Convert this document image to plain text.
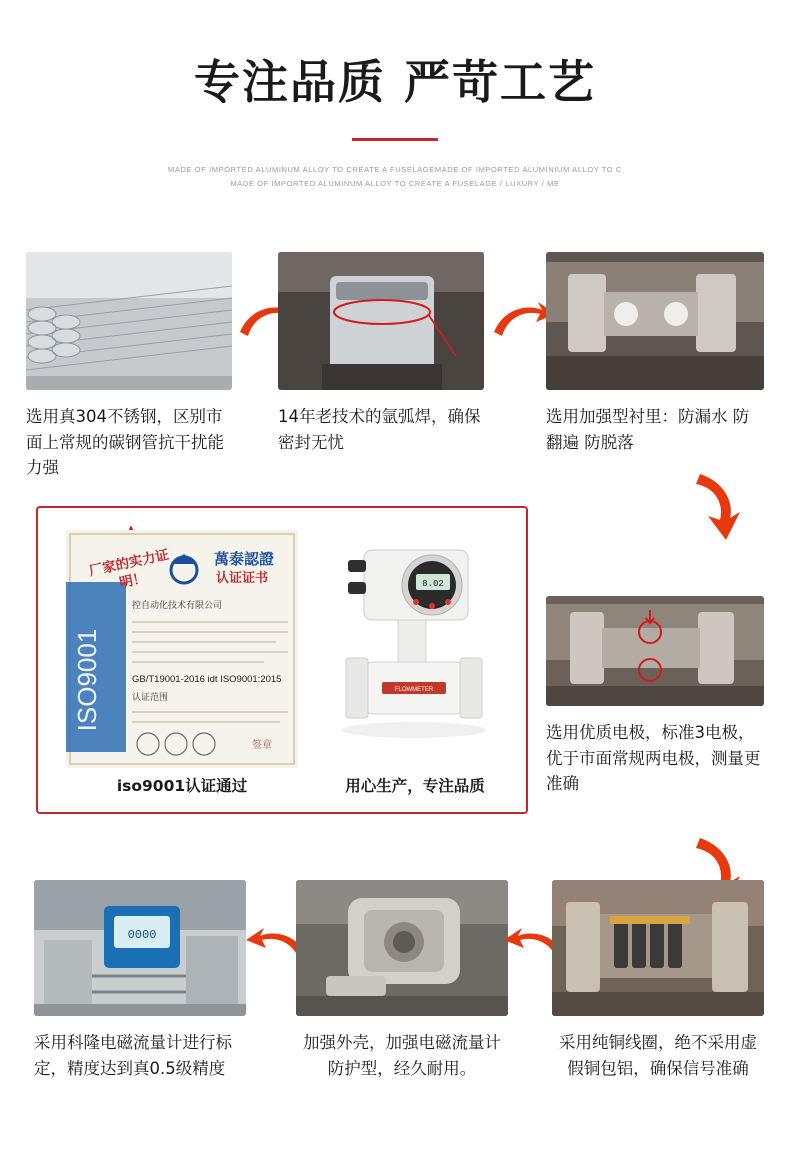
专注品质 严苛工艺
MADE OF IMPORTED ALUMINUM ALLOY TO CREATE A FUSELAGEMADE OF IMPORTED ALUMINIUM ALLOY TO C
MADE OF IMPORTED ALUMINUM ALLOY TO CREATE A FUSELAGE / LUXURY / ME
选用真304不锈钢，区别市面上常规的碳钢管抗干扰能力强
14年老技术的氩弧焊，确保密封无忧
选用加强型衬里：防漏水 防翻遍 防脱落
厂家的实力证明！
ISO9001
萬泰認證
认证证书
控自动化技术有限公司
GB/T19001-2016 idt ISO9001:2015
认证范围
签章
iso9001认证通过
8.02
FLOWMETER
用心生产，专注品质
选用优质电极，标准3电极，优于市面常规两电极，测量更准确
0000
采用科隆电磁流量计进行标定，精度达到真0.5级精度
加强外壳，加强电磁流量计防护型，经久耐用。
采用纯铜线圈，绝不采用虚假铜包铝，确保信号准确
